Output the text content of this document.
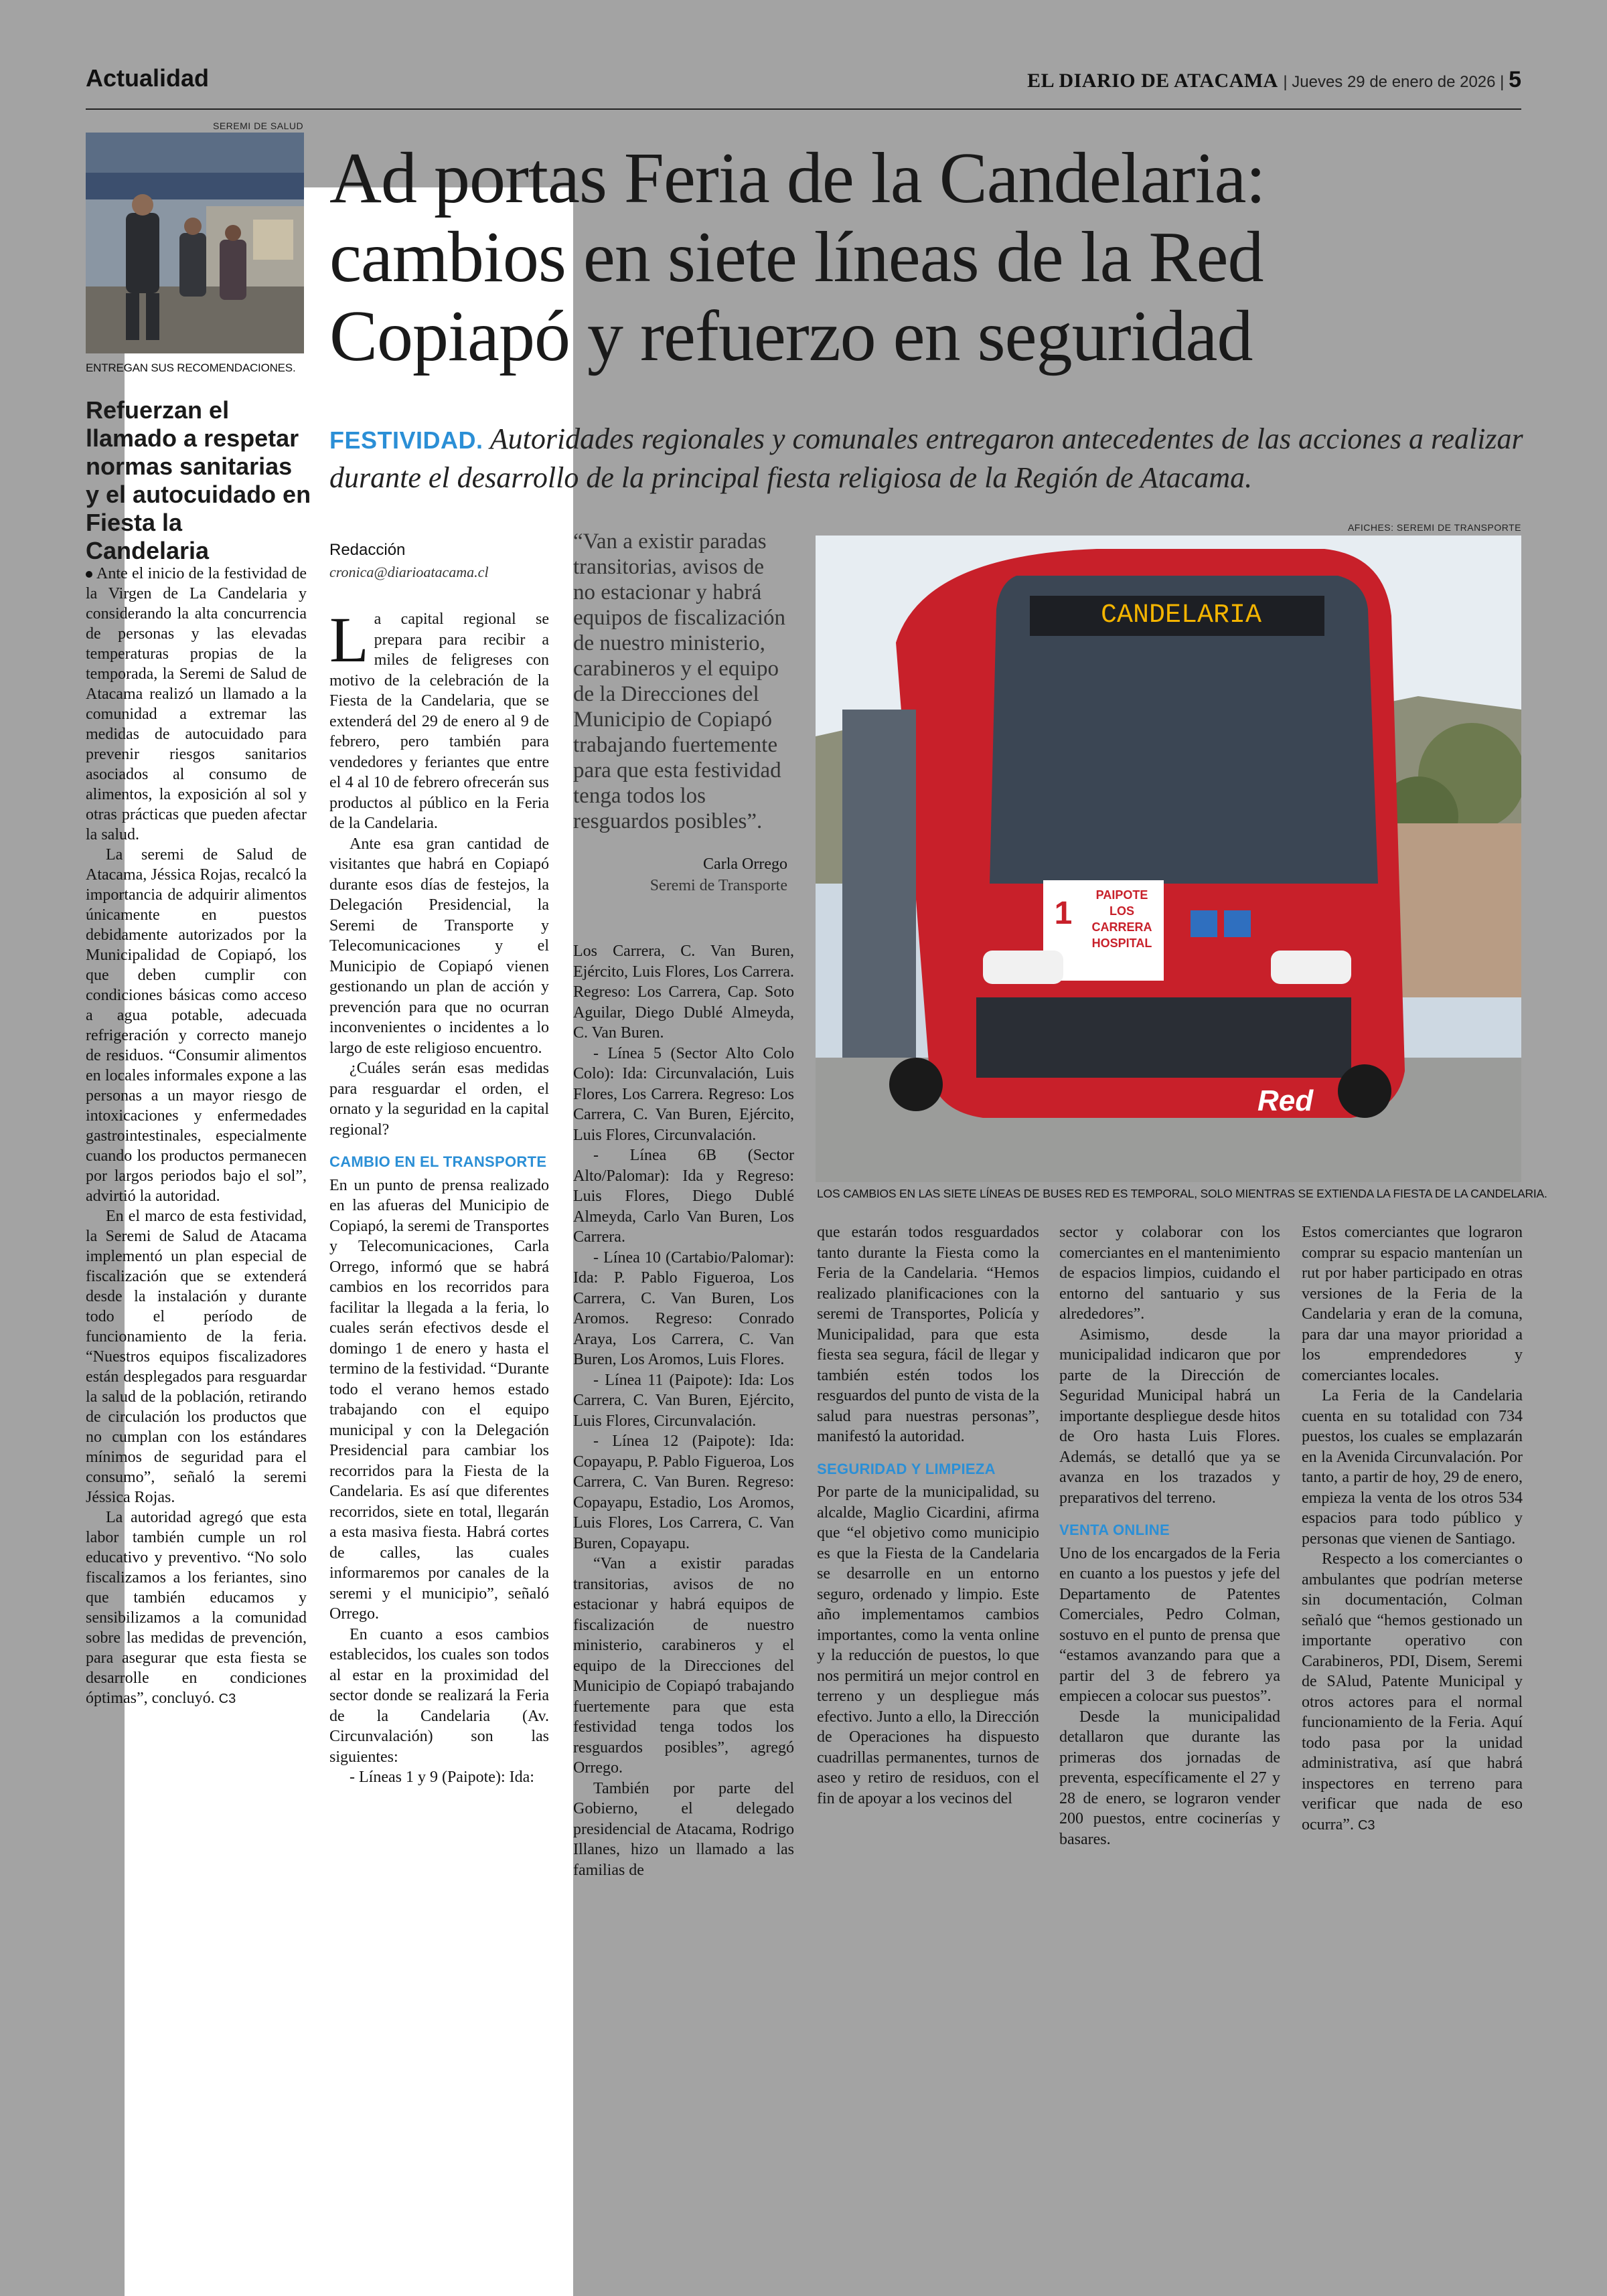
Actualidad	EL DIARIO DE ATACAMA | Jueves 29 de enero de 2026 | 5
SEREMI DE SALUD
ENTREGAN SUS RECOMENDACIONES.
Refuerzan el llamado a respetar normas sanitarias y el autocuidado en Fiesta la Candelaria

Ante el inicio de la festividad de la Virgen de La Candelaria y considerando la alta concurrencia de personas y las elevadas temperaturas propias de la temporada, la Seremi de Salud de Atacama realizó un llamado a la comunidad a extremar las medidas de autocuidado para prevenir riesgos sanitarios asociados al consumo de alimentos, la exposición al sol y otras prácticas que pueden afectar la salud.

La seremi de Salud de Atacama, Jéssica Rojas, recalcó la importancia de adquirir alimentos únicamente en puestos debidamente autorizados por la Municipalidad de Copiapó, los que deben cumplir con condiciones básicas como acceso a agua potable, adecuada refrigeración y correcto manejo de residuos. “Consumir alimentos en locales informales expone a las personas a un mayor riesgo de intoxicaciones y enfermedades gastrointestinales, especialmente cuando los productos permanecen por largos periodos bajo el sol”, advirtió la autoridad.

En el marco de esta festividad, la Seremi de Salud de Atacama implementó un plan especial de fiscalización que se extenderá desde la instalación y durante todo el período de funcionamiento de la feria. “Nuestros equipos fiscalizadores están desplegados para resguardar la salud de la población, retirando de circulación los productos que no cumplan con los estándares mínimos de seguridad para el consumo”, señaló la seremi Jéssica Rojas.

La autoridad agregó que esta labor también cumple un rol educativo y preventivo. “No solo fiscalizamos a los feriantes, sino que también educamos y sensibilizamos a la comunidad sobre las medidas de prevención, para asegurar que esta fiesta se desarrolle en condiciones óptimas”, concluyó. C3

Ad portas Feria de la Candelaria:
cambios en siete líneas de la Red
Copiapó y refuerzo en seguridad
FESTIVIDAD. Autoridades regionales y comunales entregaron antecedentes de las acciones a realizar durante el desarrollo de la principal fiesta religiosa de la Región de Atacama.
Redacción
cronica@diarioatacama.cl

La capital regional se prepara para recibir a miles de feligreses con motivo de la celebración de la Fiesta de la Candelaria, que se extenderá del 29 de enero al 9 de febrero, pero también para vendedores y feriantes que entre el 4 al 10 de febrero ofrecerán sus productos al público en la Feria de la Candelaria.

Ante esa gran cantidad de visitantes que habrá en Copiapó durante esos días de festejos, la Delegación Presidencial, la Seremi de Transporte y Telecomunicaciones y el Municipio de Copiapó vienen gestionando un plan de acción y prevención para que no ocurran inconvenientes o incidentes a lo largo de este religioso encuentro.

¿Cuáles serán esas medidas para resguardar el orden, el ornato y la seguridad en la capital regional?

CAMBIO EN EL TRANSPORTE

En un punto de prensa realizado en las afueras del Municipio de Copiapó, la seremi de Transportes y Telecomunicaciones, Carla Orrego, informó que se habrá cambios en los recorridos para facilitar la llegada a la feria, lo cuales serán efectivos desde el domingo 1 de enero y hasta el termino de la festividad. “Durante todo el verano hemos estado trabajando con el equipo municipal y con la Delegación Presidencial para cambiar los recorridos para la Fiesta de la Candelaria. Es así que diferentes recorridos, siete en total, llegarán a esta masiva fiesta. Habrá cortes de calles, las cuales informaremos por canales de la seremi y el municipio”, señaló Orrego.

En cuanto a esos cambios establecidos, los cuales son todos al estar en la proximidad del sector donde se realizará la Feria de la Candelaria (Av. Circunvalación) son las siguientes:

- Líneas 1 y 9 (Paipote): Ida:

“Van a existir paradas transitorias, avisos de no estacionar y habrá equipos de fiscalización de nuestro ministerio, carabineros y el equipo de la Direcciones del Municipio de Copiapó trabajando fuertemente para que esta festividad tenga todos los resguardos posibles”.
Carla Orrego
Seremi de Transporte

Los Carrera, C. Van Buren, Ejército, Luis Flores, Los Carrera. Regreso: Los Carrera, Cap. Soto Aguilar, Diego Dublé Almeyda, C. Van Buren.

- Línea 5 (Sector Alto Colo Colo): Ida: Circunvalación, Luis Flores, Los Carrera. Regreso: Los Carrera, C. Van Buren, Ejército, Luis Flores, Circunvalación.

- Línea 6B (Sector Alto/Palomar): Ida y Regreso: Luis Flores, Diego Dublé Almeyda, Carlo Van Buren, Los Carrera.

- Línea 10 (Cartabio/Palomar): Ida: P. Pablo Figueroa, Los Carrera, C. Van Buren, Los Aromos. Regreso: Conrado Araya, Los Carrera, C. Van Buren, Los Aromos, Luis Flores.

- Línea 11 (Paipote): Ida: Los Carrera, C. Van Buren, Ejército, Luis Flores, Circunvalación.

- Línea 12 (Paipote): Ida: Copayapu, P. Pablo Figueroa, Los Carrera, C. Van Buren. Regreso: Copayapu, Estadio, Los Aromos, Luis Flores, Los Carrera, C. Van Buren, Copayapu.

“Van a existir paradas transitorias, avisos de no estacionar y habrá equipos de fiscalización de nuestro ministerio, carabineros y el equipo de la Direcciones del Municipio de Copiapó trabajando fuertemente para que esta festividad tenga todos los resguardos posibles”, agregó Orrego.

También por parte del Gobierno, el delegado presidencial de Atacama, Rodrigo Illanes, hizo un llamado a las familias de

AFICHES: SEREMI DE TRANSPORTE
CANDELARIA
1
PAIPOTE LOS CARRERA HOSPITAL
Red
LOS CAMBIOS EN LAS SIETE LÍNEAS DE BUSES RED ES TEMPORAL, SOLO MIENTRAS SE EXTIENDA LA FIESTA DE LA CANDELARIA.

que estarán todos resguardados tanto durante la Fiesta como la Feria de la Candelaria. “Hemos realizado planificaciones con la seremi de Transportes, Policía y Municipalidad, para que esta fiesta sea segura, fácil de llegar y también estén todos los resguardos del punto de vista de la salud para nuestras personas”, manifestó la autoridad.

SEGURIDAD Y LIMPIEZA

Por parte de la municipalidad, su alcalde, Maglio Cicardini, afirma que “el objetivo como municipio es que la Fiesta de la Candelaria se desarrolle en un entorno seguro, ordenado y limpio. Este año implementamos cambios importantes, como la venta online y la reducción de puestos, lo que nos permitirá un mejor control en terreno y un despliegue más efectivo. Junto a ello, la Dirección de Operaciones ha dispuesto cuadrillas permanentes, turnos de aseo y retiro de residuos, con el fin de apoyar a los vecinos del

sector y colaborar con los comerciantes en el mantenimiento de espacios limpios, cuidando el entorno del santuario y sus alrededores”.

Asimismo, desde la municipalidad indicaron que por parte de la Dirección de Seguridad Municipal habrá un importante despliegue desde hitos de Oro hasta Luis Flores. Además, se detalló que ya se avanza en los trazados y preparativos del terreno.

VENTA ONLINE

Uno de los encargados de la Feria en cuanto a los puestos y jefe del Departamento de Patentes Comerciales, Pedro Colman, sostuvo en el punto de prensa que “estamos avanzando para que a partir del 3 de febrero ya empiecen a colocar sus puestos”.

Desde la municipalidad detallaron que durante las primeras dos jornadas de preventa, específicamente el 27 y 28 de enero, se lograron vender 200 puestos, entre cocinerías y basares.

Estos comerciantes que lograron comprar su espacio mantenían un rut por haber participado en otras versiones de la Feria de la Candelaria y eran de la comuna, para dar una mayor prioridad a los emprendedores y comerciantes locales.

La Feria de la Candelaria cuenta en su totalidad con 734 puestos, los cuales se emplazarán en la Avenida Circunvalación. Por tanto, a partir de hoy, 29 de enero, empieza la venta de los otros 534 espacios para todo público y personas que vienen de Santiago.

Respecto a los comerciantes o ambulantes que podrían meterse sin documentación, Colman señaló que “hemos gestionado un importante operativo con Carabineros, PDI, Disem, Seremi de SAlud, Patente Municipal y otros actores para el normal funcionamiento de la Feria. Aquí todo pasa por la unidad administrativa, así que habrá inspectores en terreno para verificar que nada de eso ocurra”. C3
